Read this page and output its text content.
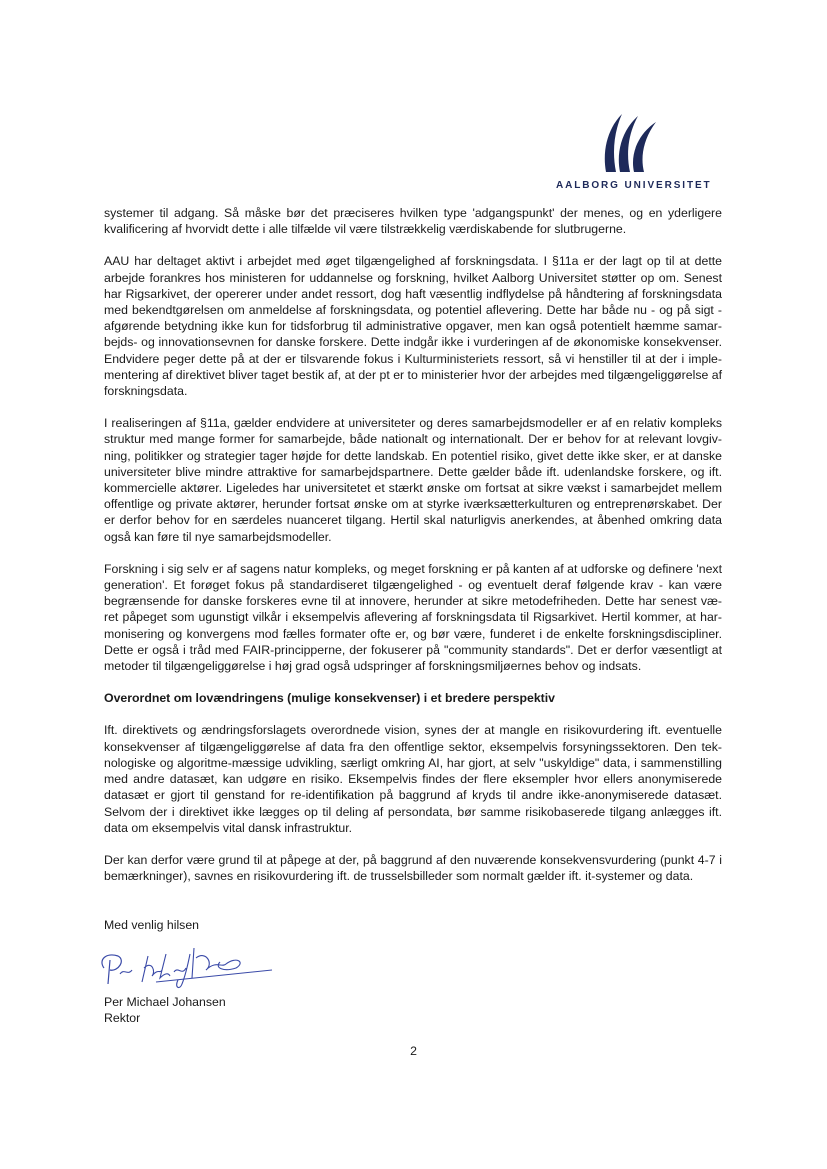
AALBORG UNIVERSITET

systemer til adgang. Så måske bør det præciseres hvilken type 'adgangspunkt' der menes, og en yderligere kvalificering af hvorvidt dette i alle tilfælde vil være tilstrækkelig værdiskabende for slutbrugerne.

AAU har deltaget aktivt i arbejdet med øget tilgængelighed af forskningsdata. I §11a er der lagt op til at dette arbejde forankres hos ministeren for uddannelse og forskning, hvilket Aalborg Universitet støtter op om. Senest har Rigsarkivet, der opererer under andet ressort, dog haft væsentlig indflydelse på håndtering af forskningsdata med bekendtgørelsen om anmeldelse af forskningsdata, og potentiel aflevering. Dette har både nu - og på sigt - afgørende betydning ikke kun for tidsforbrug til administrative opgaver, men kan også potentielt hæmme samar-bejds- og innovationsevnen for danske forskere. Dette indgår ikke i vurderingen af de økonomiske konsekvenser. Endvidere peger dette på at der er tilsvarende fokus i Kulturministeriets ressort, så vi henstiller til at der i imple-mentering af direktivet bliver taget bestik af, at der pt er to ministerier hvor der arbejdes med tilgængeliggørelse af forskningsdata.

I realiseringen af §11a, gælder endvidere at universiteter og deres samarbejdsmodeller er af en relativ kompleks struktur med mange former for samarbejde, både nationalt og internationalt. Der er behov for at relevant lovgiv-ning, politikker og strategier tager højde for dette landskab. En potentiel risiko, givet dette ikke sker, er at danske universiteter blive mindre attraktive for samarbejdspartnere. Dette gælder både ift. udenlandske forskere, og ift. kommercielle aktører. Ligeledes har universitetet et stærkt ønske om fortsat at sikre vækst i samarbejdet mellem offentlige og private aktører, herunder fortsat ønske om at styrke iværksætterkulturen og entreprenørskabet. Der er derfor behov for en særdeles nuanceret tilgang. Hertil skal naturligvis anerkendes, at åbenhed omkring data også kan føre til nye samarbejdsmodeller.

Forskning i sig selv er af sagens natur kompleks, og meget forskning er på kanten af at udforske og definere 'next generation'. Et forøget fokus på standardiseret tilgængelighed - og eventuelt deraf følgende krav - kan være begrænsende for danske forskeres evne til at innovere, herunder at sikre metodefriheden. Dette har senest væ-ret påpeget som ugunstigt vilkår i eksempelvis aflevering af forskningsdata til Rigsarkivet. Hertil kommer, at har-monisering og konvergens mod fælles formater ofte er, og bør være, funderet i de enkelte forskningsdiscipliner. Dette er også i tråd med FAIR-principperne, der fokuserer på "community standards". Det er derfor væsentligt at metoder til tilgængeliggørelse i høj grad også udspringer af forskningsmiljøernes behov og indsats.

Overordnet om lovændringens (mulige konsekvenser) i et bredere perspektiv

Ift. direktivets og ændringsforslagets overordnede vision, synes der at mangle en risikovurdering ift. eventuelle konsekvenser af tilgængeliggørelse af data fra den offentlige sektor, eksempelvis forsyningssektoren. Den tek-nologiske og algoritme-mæssige udvikling, særligt omkring AI, har gjort, at selv "uskyldige" data, i sammenstilling med andre datasæt, kan udgøre en risiko. Eksempelvis findes der flere eksempler hvor ellers anonymiserede datasæt er gjort til genstand for re-identifikation på baggrund af kryds til andre ikke-anonymiserede datasæt. Selvom der i direktivet ikke lægges op til deling af persondata, bør samme risikobaserede tilgang anlægges ift. data om eksempelvis vital dansk infrastruktur.

Der kan derfor være grund til at påpege at der, på baggrund af den nuværende konsekvensvurdering (punkt 4-7 i bemærkninger), savnes en risikovurdering ift. de trusselsbilleder som normalt gælder ift. it-systemer og data.

Med venlig hilsen
Per Michael Johansen
Rektor
2
